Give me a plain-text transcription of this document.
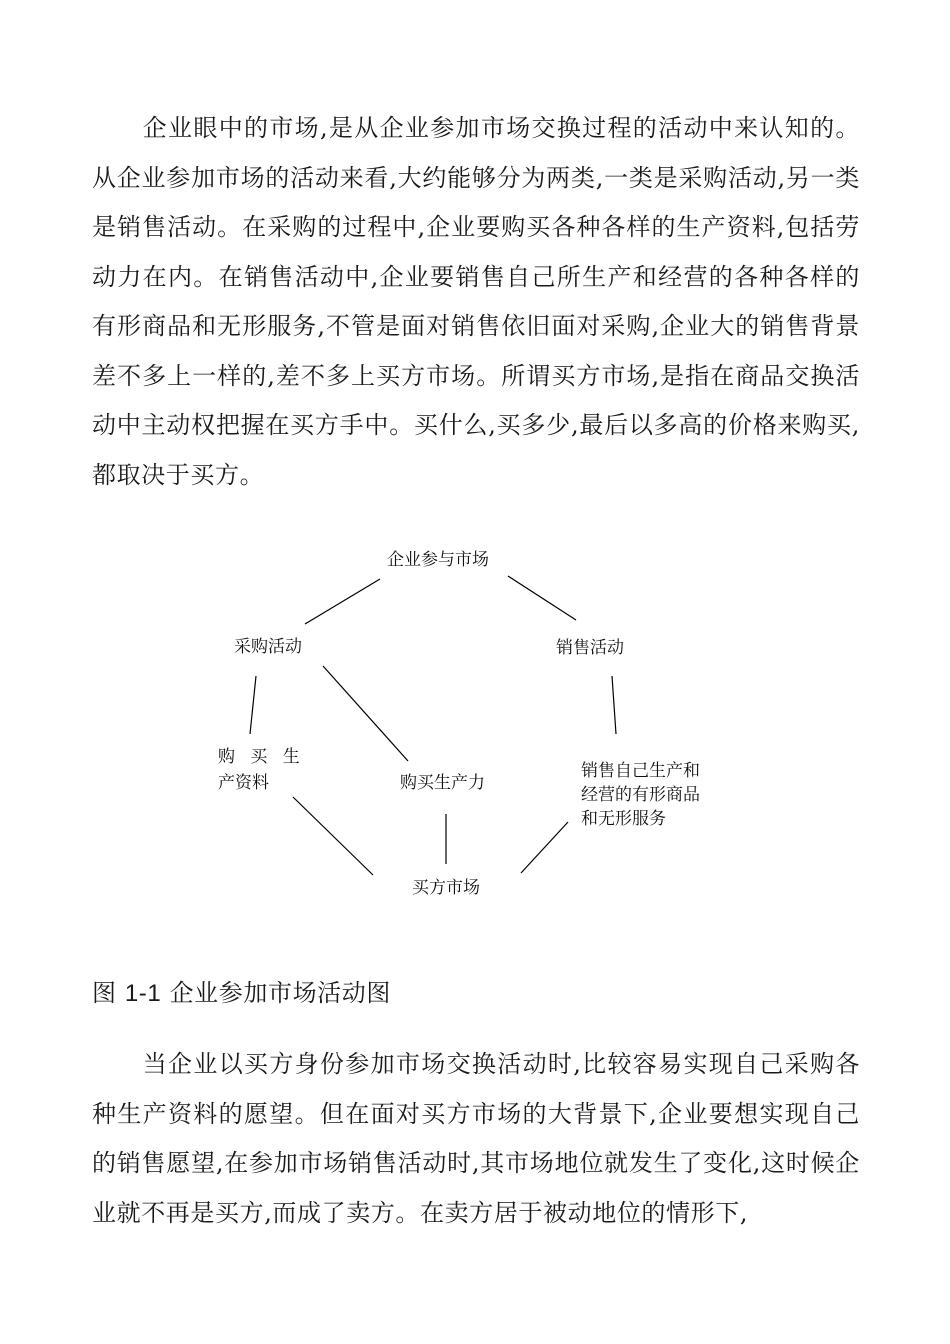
企业眼中的市场,是从企业参加市场交换过程的活动中来认知的。从企业参加市场的活动来看,大约能够分为两类,一类是采购活动,另一类是销售活动。在采购的过程中,企业要购买各种各样的生产资料,包括劳动力在内。在销售活动中,企业要销售自己所生产和经营的各种各样的有形商品和无形服务,不管是面对销售依旧面对采购,企业大的销售背景差不多上一样的,差不多上买方市场。所谓买方市场,是指在商品交换活动中主动权把握在买方手中。买什么,买多少,最后以多高的价格来购买,都取决于买方。
企业参与市场
采购活动	销售活动
购 买 生
产资料	购买生产力
销售自己生产和
经营的有形商品
和无形服务
买方市场
图 1-1 企业参加市场活动图
当企业以买方身份参加市场交换活动时,比较容易实现自己采购各种生产资料的愿望。但在面对买方市场的大背景下,企业要想实现自己的销售愿望,在参加市场销售活动时,其市场地位就发生了变化,这时候企业就不再是买方,而成了卖方。在卖方居于被动地位的情形下,
